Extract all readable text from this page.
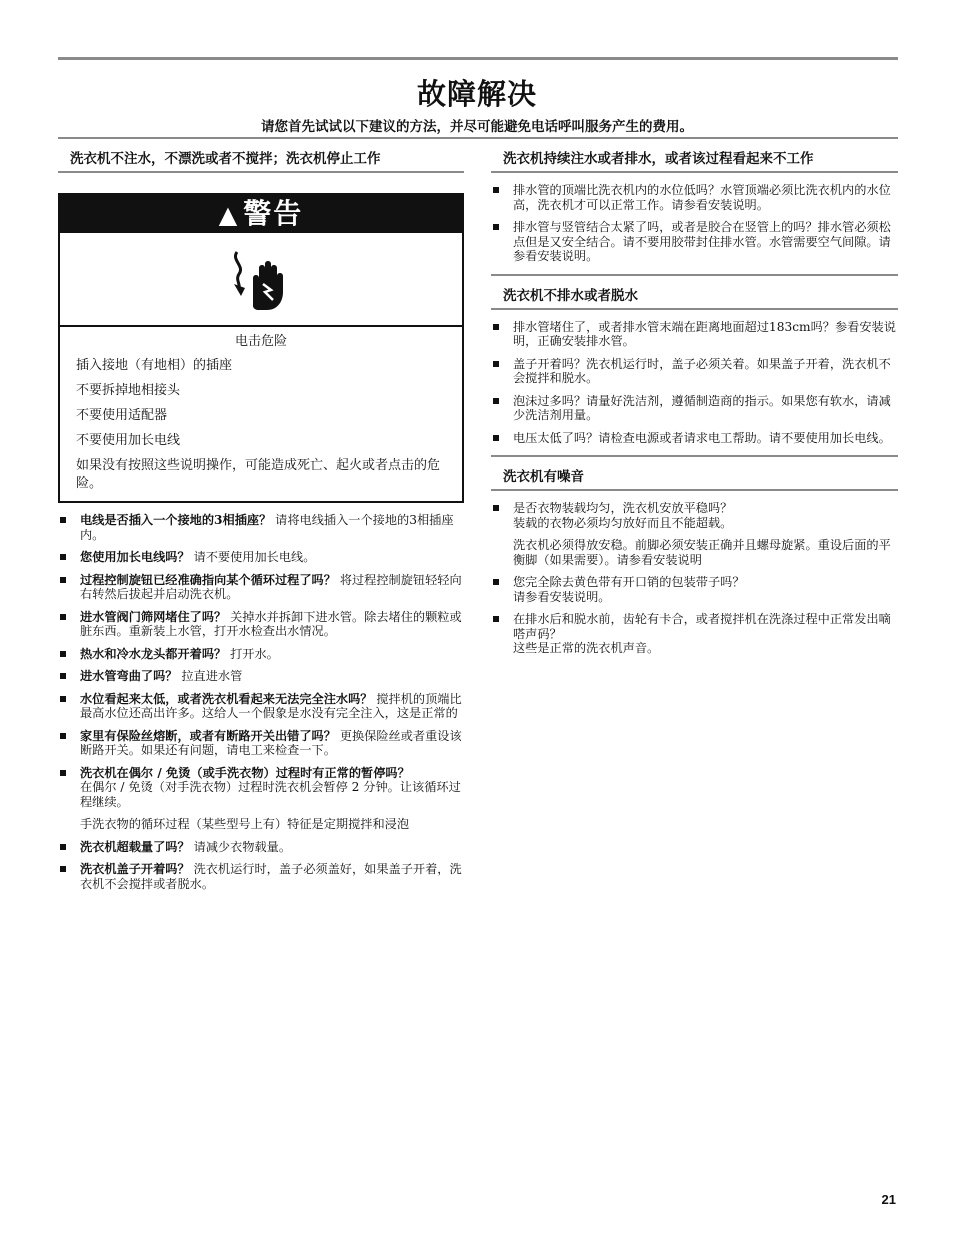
故障解决
请您首先试试以下建议的方法，并尽可能避免电话呼叫服务产生的费用。
洗衣机不注水，不漂洗或者不搅拌；洗衣机停止工作
▲ 警告
电击危险
插入接地（有地相）的插座
不要拆掉地相接头
不要使用适配器
不要使用加长电线
如果没有按照这些说明操作，可能造成死亡、起火或者点击的危险。
电线是否插入一个接地的3相插座？ 请将电线插入一个接地的3相插座内。
您使用加长电线吗？ 请不要使用加长电线。
过程控制旋钮已经准确指向某个循环过程了吗？ 将过程控制旋钮轻轻向右转然后拔起并启动洗衣机。
进水管阀门筛网堵住了吗？ 关掉水并拆卸下进水管。除去堵住的颗粒或脏东西。重新装上水管，打开水检查出水情况。
热水和冷水龙头都开着吗？ 打开水。
进水管弯曲了吗？ 拉直进水管
水位看起来太低，或者洗衣机看起来无法完全注水吗？ 搅拌机的顶端比最高水位还高出许多。这给人一个假象是水没有完全注入，这是正常的
家里有保险丝熔断，或者有断路开关出错了吗？ 更换保险丝或者重设该断路开关。如果还有问题，请电工来检查一下。
洗衣机在偶尔 / 免烫（或手洗衣物）过程时有正常的暂停吗？
在偶尔 / 免烫（对手洗衣物）过程时洗衣机会暂停 2 分钟。让该循环过程继续。

手洗衣物的循环过程（某些型号上有）特征是定期搅拌和浸泡

洗衣机超载量了吗？ 请减少衣物载量。
洗衣机盖子开着吗？ 洗衣机运行时，盖子必须盖好，如果盖子开着，洗衣机不会搅拌或者脱水。
洗衣机持续注水或者排水，或者该过程看起来不工作
排水管的顶端比洗衣机内的水位低吗？水管顶端必须比洗衣机内的水位高，洗衣机才可以正常工作。请参看安装说明。
排水管与竖管结合太紧了吗，或者是胶合在竖管上的吗？排水管必须松点但是又安全结合。请不要用胶带封住排水管。水管需要空气间隙。请参看安装说明。
洗衣机不排水或者脱水
排水管堵住了，或者排水管末端在距离地面超过183cm吗？参看安装说明，正确安装排水管。
盖子开着吗？洗衣机运行时，盖子必须关着。如果盖子开着，洗衣机不会搅拌和脱水。
泡沫过多吗？请量好洗洁剂，遵循制造商的指示。如果您有软水，请减少洗洁剂用量。
电压太低了吗？请检查电源或者请求电工帮助。请不要使用加长电线。
洗衣机有噪音
是否衣物装载均匀，洗衣机安放平稳吗？
装载的衣物必须均匀放好而且不能超载。
洗衣机必须得放安稳。前脚必须安装正确并且螺母旋紧。重设后面的平衡脚（如果需要）。请参看安装说明
您完全除去黄色带有开口销的包装带子吗？
请参看安装说明。
在排水后和脱水前，齿轮有卡合，或者搅拌机在洗涤过程中正常发出嘀嗒声码？
这些是正常的洗衣机声音。
21
